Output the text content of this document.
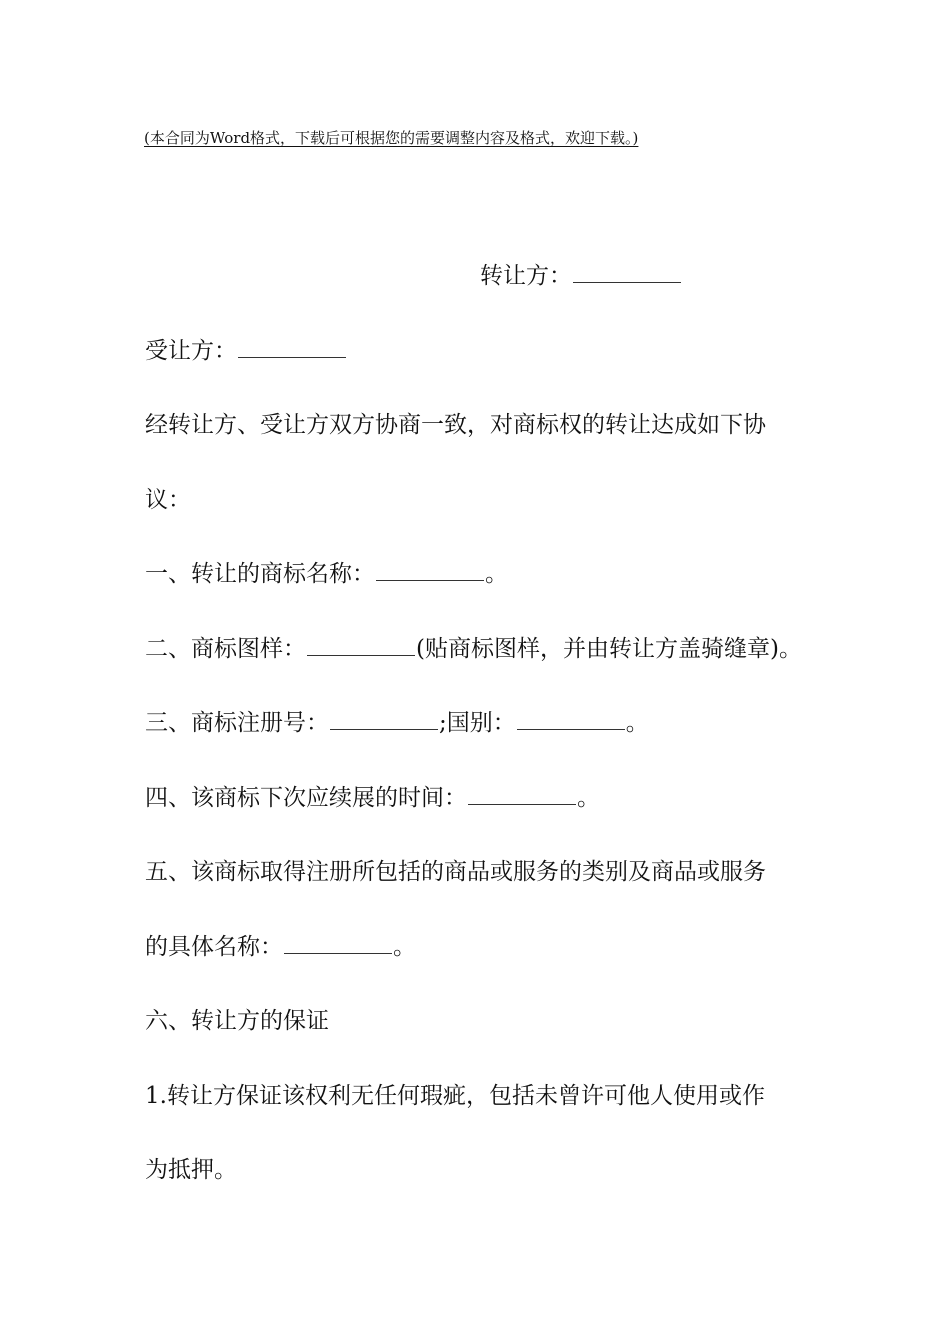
(本合同为Word格式，下载后可根据您的需要调整内容及格式，欢迎下载。)
转让方：
受让方：
经转让方、受让方双方协商一致，对商标权的转让达成如下协
议：
一、转让的商标名称：	。
二、商标图样：	(贴商标图样，并由转让方盖骑缝章)。
三、商标注册号：	;国别：	。
四、该商标下次应续展的时间：	。
五、该商标取得注册所包括的商品或服务的类别及商品或服务
的具体名称：	。
六、转让方的保证
1.转让方保证该权利无任何瑕疵，包括未曾许可他人使用或作
为抵押。
